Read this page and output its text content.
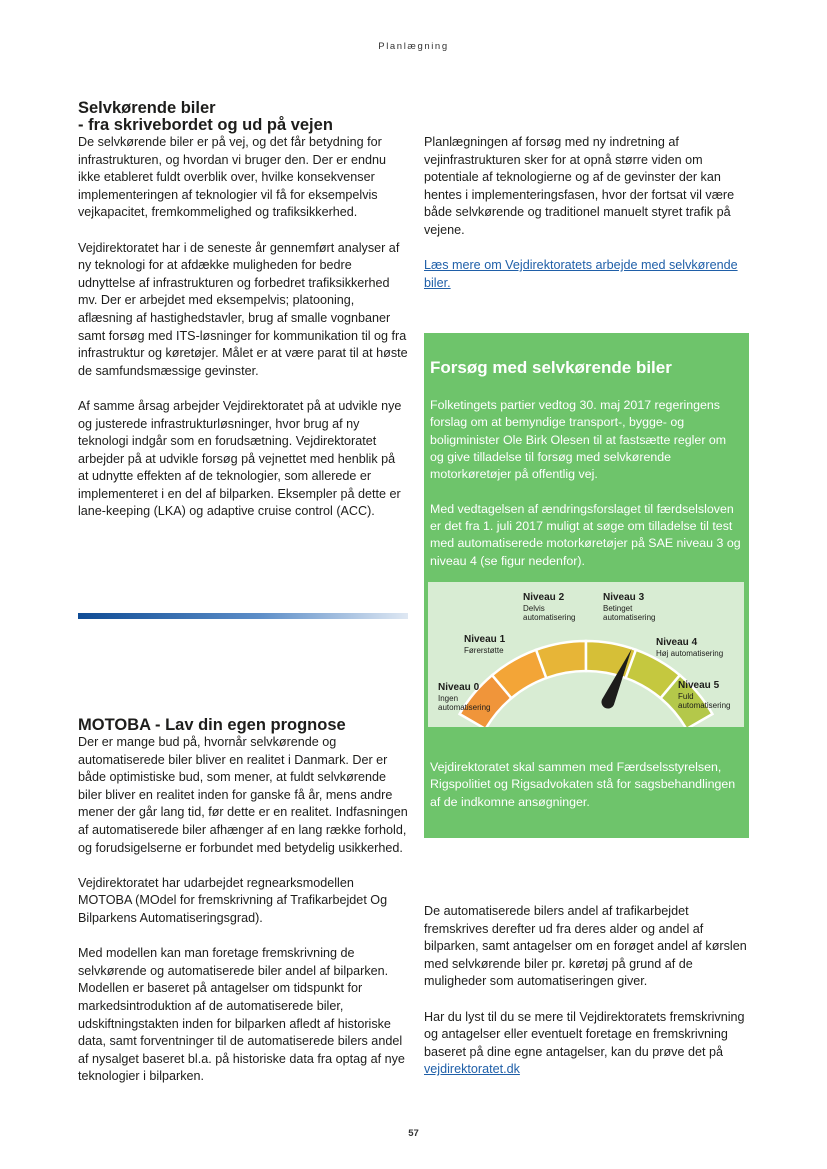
Planlægning
Selvkørende biler
- fra skrivebordet og ud på vejen

De selvkørende biler er på vej, og det får betydning for infrastrukturen, og hvordan vi bruger den. Der er endnu ikke etableret fuldt overblik over, hvilke konsekvenser implementeringen af teknologier vil få for eksempelvis vejkapacitet, fremkommelighed og trafiksikkerhed.

Vejdirektoratet har i de seneste år gennemført analyser af ny teknologi for at afdække muligheden for bedre udnyttelse af infrastrukturen og forbedret trafiksikkerhed mv. Der er arbejdet med eksempelvis; platooning, aflæsning af hastighedstavler, brug af smalle vognbaner samt forsøg med ITS-løsninger for kommunikation til og fra infrastruktur og køretøjer. Målet er at være parat til at høste de samfundsmæssige gevinster.

Af samme årsag arbejder Vejdirektoratet på at udvikle nye og justerede infrastrukturløsninger, hvor brug af ny teknologi indgår som en forudsætning. Vejdirektoratet arbejder på at udvikle forsøg på vejnettet med henblik på at udnytte effekten af de teknologier, som allerede er implementeret i en del af bilparken. Eksempler på dette er lane-keeping (LKA) og adaptive cruise control (ACC).

Planlægningen af forsøg med ny indretning af vejinfrastrukturen sker for at opnå større viden om potentiale af teknologierne og af de gevinster der kan hentes i implementeringsfasen, hvor der fortsat vil være både selvkørende og traditionel manuelt styret trafik på vejene.

Læs mere om Vejdirektoratets arbejde med selvkørende biler.

Forsøg med selvkørende biler

Folketingets partier vedtog 30. maj 2017 regeringens forslag om at bemyndige transport-, bygge- og boligminister Ole Birk Olesen til at fastsætte regler om og give tilladelse til forsøg med selvkørende motorkøretøjer på offentlig vej.

Med vedtagelsen af ændringsforslaget til færdselsloven er det fra 1. juli 2017 muligt at søge om tilladelse til test med automatiserede motorkøretøjer på SAE niveau 3 og niveau 4 (se figur nedenfor).

Niveau 0
Ingen automatisering
Niveau 1
Førerstøtte
Niveau 2
Delvis automatisering
Niveau 3
Betinget automatisering
Niveau 4
Høj automatisering
Niveau 5
Fuld automatisering

Vejdirektoratet skal sammen med Færdselsstyrelsen, Rigspolitiet og Rigsadvokaten stå for sagsbehandlingen af de indkomne ansøgninger.

MOTOBA - Lav din egen prognose

Der er mange bud på, hvornår selvkørende og automatiserede biler bliver en realitet i Danmark. Der er både optimistiske bud, som mener, at fuldt selvkørende biler bliver en realitet inden for ganske få år, mens andre mener der går lang tid, før dette er en realitet. Indfasningen af automatiserede biler afhænger af en lang række forhold, og forudsigelserne er forbundet med betydelig usikkerhed.

Vejdirektoratet har udarbejdet regnearksmodellen MOTOBA (MOdel for fremskrivning af Trafikarbejdet Og Bilparkens Automatiseringsgrad).

Med modellen kan man foretage fremskrivning de selvkørende og automatiserede biler andel af bilparken. Modellen er baseret på antagelser om tidspunkt for markedsintroduktion af de automatiserede biler, udskiftningstakten inden for bilparken afledt af historiske data, samt forventninger til de automatiserede bilers andel af nysalget baseret bl.a. på historiske data fra optag af nye teknologier i bilparken.

De automatiserede bilers andel af trafikarbejdet fremskrives derefter ud fra deres alder og andel af bilparken, samt antagelser om en forøget andel af kørslen med selvkørende biler pr. køretøj på grund af de muligheder som automatiseringen giver.

Har du lyst til du se mere til Vejdirektoratets fremskrivning og antagelser eller eventuelt foretage en fremskrivning baseret på dine egne antagelser, kan du prøve det på vejdirektoratet.dk

57
